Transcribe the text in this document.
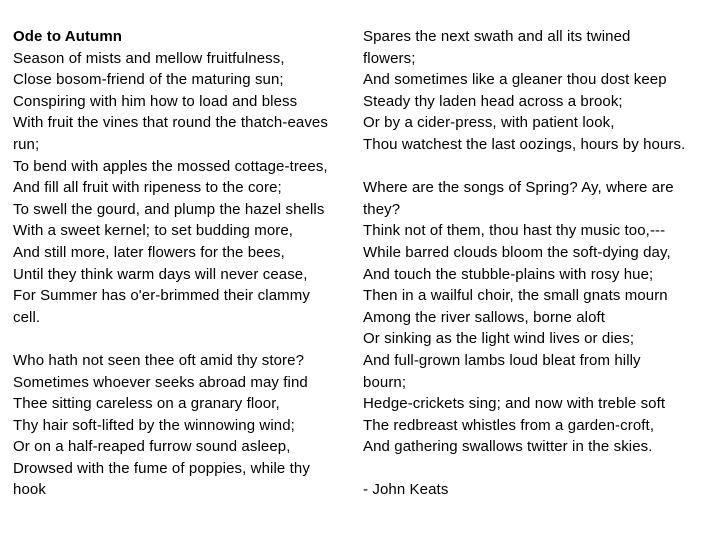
Ode to Autumn
Season of mists and mellow fruitfulness,
Close bosom-friend of the maturing sun;
Conspiring with him how to load and bless
With fruit the vines that round the thatch-eaves
run;
To bend with apples the mossed cottage-trees,
And fill all fruit with ripeness to the core;
To swell the gourd, and plump the hazel shells
With a sweet kernel; to set budding more,
And still more, later flowers for the bees,
Until they think warm days will never cease,
For Summer has o'er-brimmed their clammy
cell.
Who hath not seen thee oft amid thy store?
Sometimes whoever seeks abroad may find
Thee sitting careless on a granary floor,
Thy hair soft-lifted by the winnowing wind;
Or on a half-reaped furrow sound asleep,
Drowsed with the fume of poppies, while thy
hook
Spares the next swath and all its twined
flowers;
And sometimes like a gleaner thou dost keep
Steady thy laden head across a brook;
Or by a cider-press, with patient look,
Thou watchest the last oozings, hours by hours.
Where are the songs of Spring? Ay, where are
they?
Think not of them, thou hast thy music too,---
While barred clouds bloom the soft-dying day,
And touch the stubble-plains with rosy hue;
Then in a wailful choir, the small gnats mourn
Among the river sallows, borne aloft
Or sinking as the light wind lives or dies;
And full-grown lambs loud bleat from hilly
bourn;
Hedge-crickets sing; and now with treble soft
The redbreast whistles from a garden-croft,
And gathering swallows twitter in the skies.
- John Keats
